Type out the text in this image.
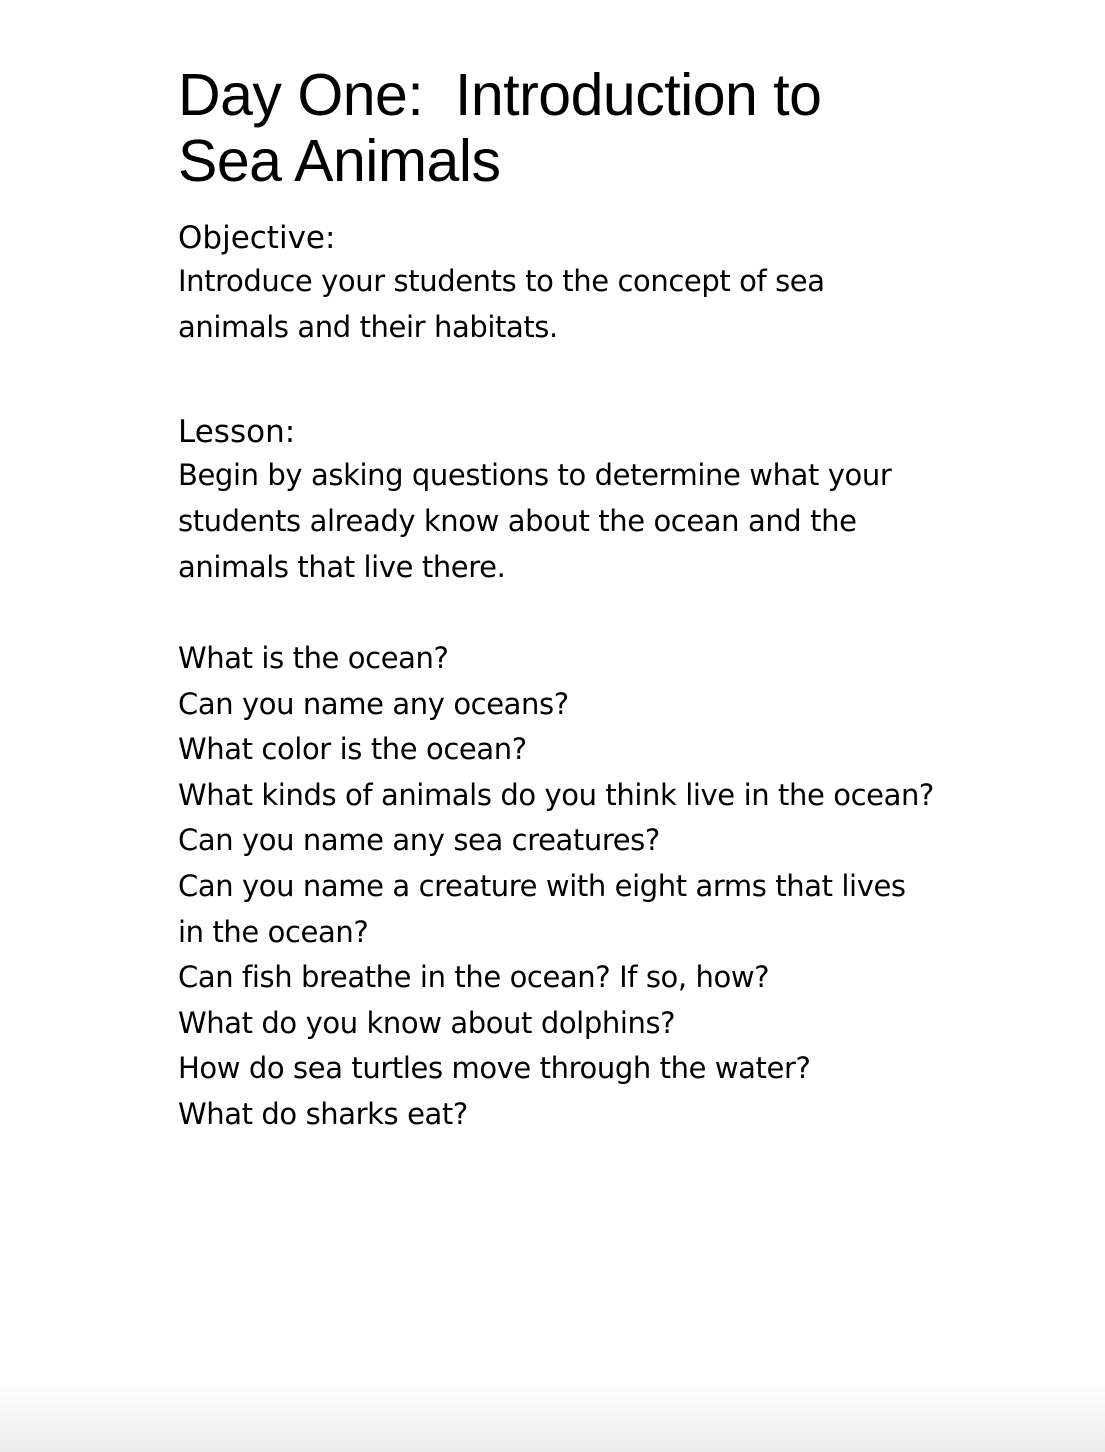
Day One:  Introduction to
Sea Animals
Objective:

Introduce your students to the concept of sea animals and their habitats.

Lesson:

Begin by asking questions to determine what your students already know about the ocean and the animals that live there.

What is the ocean?
Can you name any oceans?
What color is the ocean?
What kinds of animals do you think live in the ocean?
Can you name any sea creatures?
Can you name a creature with eight arms that lives in the ocean?
Can fish breathe in the ocean? If so, how?
What do you know about dolphins?
How do sea turtles move through the water?
What do sharks eat?
